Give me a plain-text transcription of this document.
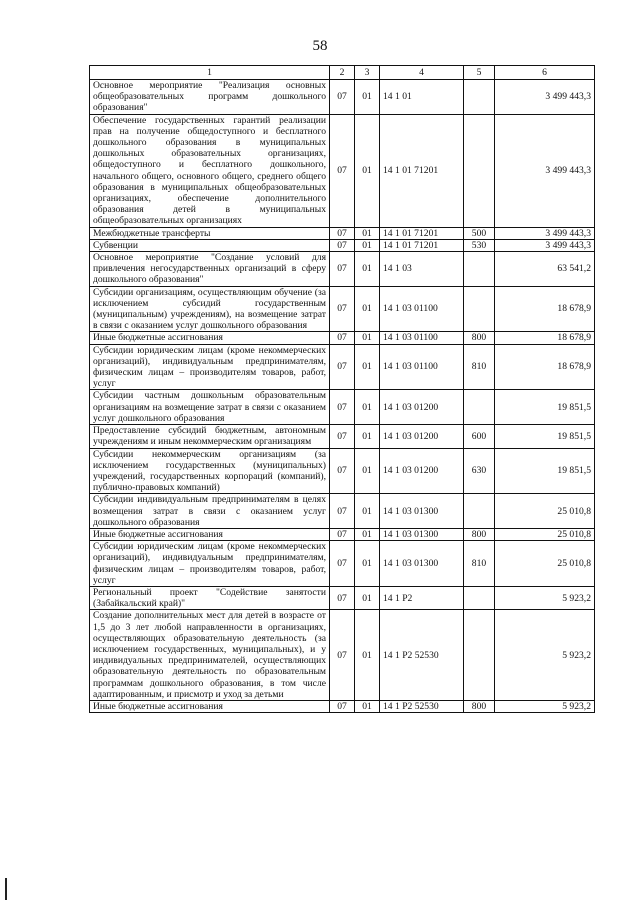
58
1	2	3	4	5	6
Основное мероприятие "Реализация основных общеобразовательных программ дошкольного образования"	07	01	14 1 01		3 499 443,3
Обеспечение государственных гарантий реализации прав на получение общедоступного и бесплатного дошкольного образования в муниципальных дошкольных образовательных организациях, общедоступного и бесплатного дошкольного, начального общего, основного общего, среднего общего образования в муниципальных общеобразовательных организациях, обеспечение дополнительного образования детей в муниципальных общеобразовательных организациях	07	01	14 1 01 71201		3 499 443,3
Межбюджетные трансферты	07	01	14 1 01 71201	500	3 499 443,3
Субвенции	07	01	14 1 01 71201	530	3 499 443,3
Основное мероприятие "Создание условий для привлечения негосударственных организаций в сферу дошкольного образования"	07	01	14 1 03		63 541,2
Субсидии организациям, осуществляющим обучение (за исключением субсидий государственным (муниципальным) учреждениям), на возмещение затрат в связи с оказанием услуг дошкольного образования	07	01	14 1 03 01100		18 678,9
Иные бюджетные ассигнования	07	01	14 1 03 01100	800	18 678,9
Субсидии юридическим лицам (кроме некоммерческих организаций), индивидуальным предпринимателям, физическим лицам – производителям товаров, работ, услуг	07	01	14 1 03 01100	810	18 678,9
Субсидии частным дошкольным образовательным организациям на возмещение затрат в связи с оказанием услуг дошкольного образования	07	01	14 1 03 01200		19 851,5
Предоставление субсидий бюджетным, автономным учреждениям и иным некоммерческим организациям	07	01	14 1 03 01200	600	19 851,5
Субсидии некоммерческим организациям (за исключением государственных (муниципальных) учреждений, государственных корпораций (компаний), публично-правовых компаний)	07	01	14 1 03 01200	630	19 851,5
Субсидии индивидуальным предпринимателям в целях возмещения затрат в связи с оказанием услуг дошкольного образования	07	01	14 1 03 01300		25 010,8
Иные бюджетные ассигнования	07	01	14 1 03 01300	800	25 010,8
Субсидии юридическим лицам (кроме некоммерческих организаций), индивидуальным предпринимателям, физическим лицам – производителям товаров, работ, услуг	07	01	14 1 03 01300	810	25 010,8
Региональный проект "Содействие занятости (Забайкальский край)"	07	01	14 1 P2		5 923,2
Создание дополнительных мест для детей в возрасте от 1,5 до 3 лет любой направленности в организациях, осуществляющих образовательную деятельность (за исключением государственных, муниципальных), и у индивидуальных предпринимателей, осуществляющих образовательную деятельность по образовательным программам дошкольного образования, в том числе адаптированным, и присмотр и уход за детьми	07	01	14 1 P2 52530		5 923,2
Иные бюджетные ассигнования	07	01	14 1 P2 52530	800	5 923,2
